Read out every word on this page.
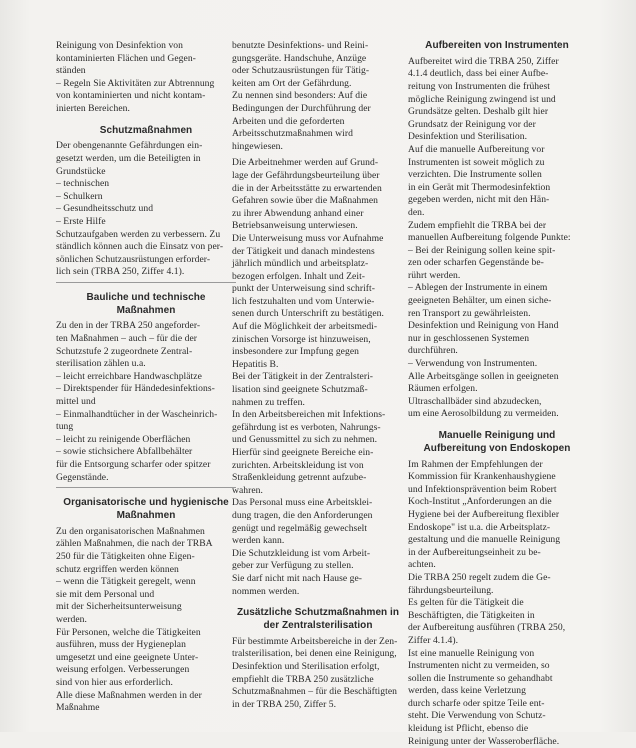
Reinigung von Desinfektion von

kontaminierten Flächen und Gegen-

ständen

– Regeln Sie Aktivitäten zur Abtrennung

von kontaminierten und nicht kontam-

inierten Bereichen.

Schutzmaßnahmen

Der obengenannte Gefährdungen ein-

gesetzt werden, um die Beteiligten in

Grundstücke

– technischen

– Schulkern

– Gesundheitsschutz und

– Erste Hilfe

Schutzaufgaben werden zu verbessern. Zu

ständlich können auch die Einsatz von per-

sönlichen Schutzausrüstungen erforder-

lich sein (TRBA 250, Ziffer 4.1).

Bauliche und technische Maßnahmen

Zu den in der TRBA 250 angeforder-

ten Maßnahmen – auch – für die der

Schutzstufe 2 zugeordnete Zentral-

sterilisation zählen u.a.

– leicht erreichbare Handwaschplätze

– Direktspender für Händedesinfektions-

mittel und

– Einmalhandtücher in der Wascheinrich-

tung

– leicht zu reinigende Oberflächen

– sowie stichsichere Abfallbehälter

für die Entsorgung scharfer oder spitzer

Gegenstände.

Organisatorische und hygienische Maßnahmen

Zu den organisatorischen Maßnahmen

zählen Maßnahmen, die nach der TRBA

250 für die Tätigkeiten ohne Eigen-

schutz ergriffen werden können

– wenn die Tätigkeit geregelt, wenn

sie mit dem Personal und

mit der Sicherheitsunterweisung

werden.

Für Personen, welche die Tätigkeiten

ausführen, muss der Hygieneplan

umgesetzt und eine geeignete Unter-

weisung erfolgen. Verbesserungen

sind von hier aus erforderlich.

Alle diese Maßnahmen werden in der Maßnahme

benutzte Desinfektions- und Reini-

gungsgeräte. Handschuhe, Anzüge

oder Schutzausrüstungen für Tätig-

keiten am Ort der Gefährdung.

Zu nennen sind besonders: Auf die

Bedingungen der Durchführung der

Arbeiten und die geforderten

Arbeitsschutzmaßnahmen wird hingewiesen.

Die Arbeitnehmer werden auf Grund-

lage der Gefährdungsbeurteilung über

die in der Arbeitsstätte zu erwartenden

Gefahren sowie über die Maßnahmen

zu ihrer Abwendung anhand einer

Betriebsanweisung unterwiesen.

Die Unterweisung muss vor Aufnahme

der Tätigkeit und danach mindestens

jährlich mündlich und arbeitsplatz-

bezogen erfolgen. Inhalt und Zeit-

punkt der Unterweisung sind schrift-

lich festzuhalten und vom Unterwie-

senen durch Unterschrift zu bestätigen.

Auf die Möglichkeit der arbeitsmedi-

zinischen Vorsorge ist hinzuweisen,

insbesondere zur Impfung gegen

Hepatitis B.

Bei der Tätigkeit in der Zentralsteri-

lisation sind geeignete Schutzmaß-

nahmen zu treffen.

In den Arbeitsbereichen mit Infektions-

gefährdung ist es verboten, Nahrungs-

und Genussmittel zu sich zu nehmen.

Hierfür sind geeignete Bereiche ein-

zurichten. Arbeitskleidung ist von

Straßenkleidung getrennt aufzube-

wahren.

Das Personal muss eine Arbeitsklei-

dung tragen, die den Anforderungen

genügt und regelmäßig gewechselt

werden kann.

Die Schutzkleidung ist vom Arbeit-

geber zur Verfügung zu stellen.

Sie darf nicht mit nach Hause ge-

nommen werden.

Zusätzliche Schutzmaßnahmen in der Zentralsterilisation

Für bestimmte Arbeitsbereiche in der Zen-

tralsterilisation, bei denen eine Reinigung,

Desinfektion und Sterilisation erfolgt,

empfiehlt die TRBA 250 zusätzliche

Schutzmaßnahmen – für die Beschäftigten

in der TRBA 250, Ziffer 5.

Aufbereiten von Instrumenten

Aufbereitet wird die TRBA 250, Ziffer

4.1.4 deutlich, dass bei einer Aufbe-

reitung von Instrumenten die frühest

mögliche Reinigung zwingend ist und

Grundsätze gelten. Deshalb gilt hier

Grundsatz der Reinigung vor der

Desinfektion und Sterilisation.

Auf die manuelle Aufbereitung vor

Instrumenten ist soweit möglich zu

verzichten. Die Instrumente sollen

in ein Gerät mit Thermodesinfektion

gegeben werden, nicht mit den Hän-

den.

Zudem empfiehlt die TRBA bei der

manuellen Aufbereitung folgende Punkte:

– Bei der Reinigung sollen keine spit-

zen oder scharfen Gegenstände be-

rührt werden.

– Ablegen der Instrumente in einem

geeigneten Behälter, um einen siche-

ren Transport zu gewährleisten.

Desinfektion und Reinigung von Hand

nur in geschlossenen Systemen

durchführen.

– Verwendung von Instrumenten.

Alle Arbeitsgänge sollen in geeigneten

Räumen erfolgen.

Ultraschallbäder sind abzudecken,

um eine Aerosolbildung zu vermeiden.

Manuelle Reinigung und Aufbereitung von Endoskopen

Im Rahmen der Empfehlungen der

Kommission für Krankenhaushygiene

und Infektionsprävention beim Robert

Koch-Institut „Anforderungen an die

Hygiene bei der Aufbereitung flexibler

Endoskope" ist u.a. die Arbeitsplatz-

gestaltung und die manuelle Reinigung

in der Aufbereitungseinheit zu be-

achten.

Die TRBA 250 regelt zudem die Ge-

fährdungsbeurteilung.

Es gelten für die Tätigkeit die

Beschäftigten, die Tätigkeiten in

der Aufbereitung ausführen (TRBA 250,

Ziffer 4.1.4).

Ist eine manuelle Reinigung von

Instrumenten nicht zu vermeiden, so

sollen die Instrumente so gehandhabt

werden, dass keine Verletzung

durch scharfe oder spitze Teile ent-

steht. Die Verwendung von Schutz-

kleidung ist Pflicht, ebenso die

Reinigung unter der Wasseroberfläche.
